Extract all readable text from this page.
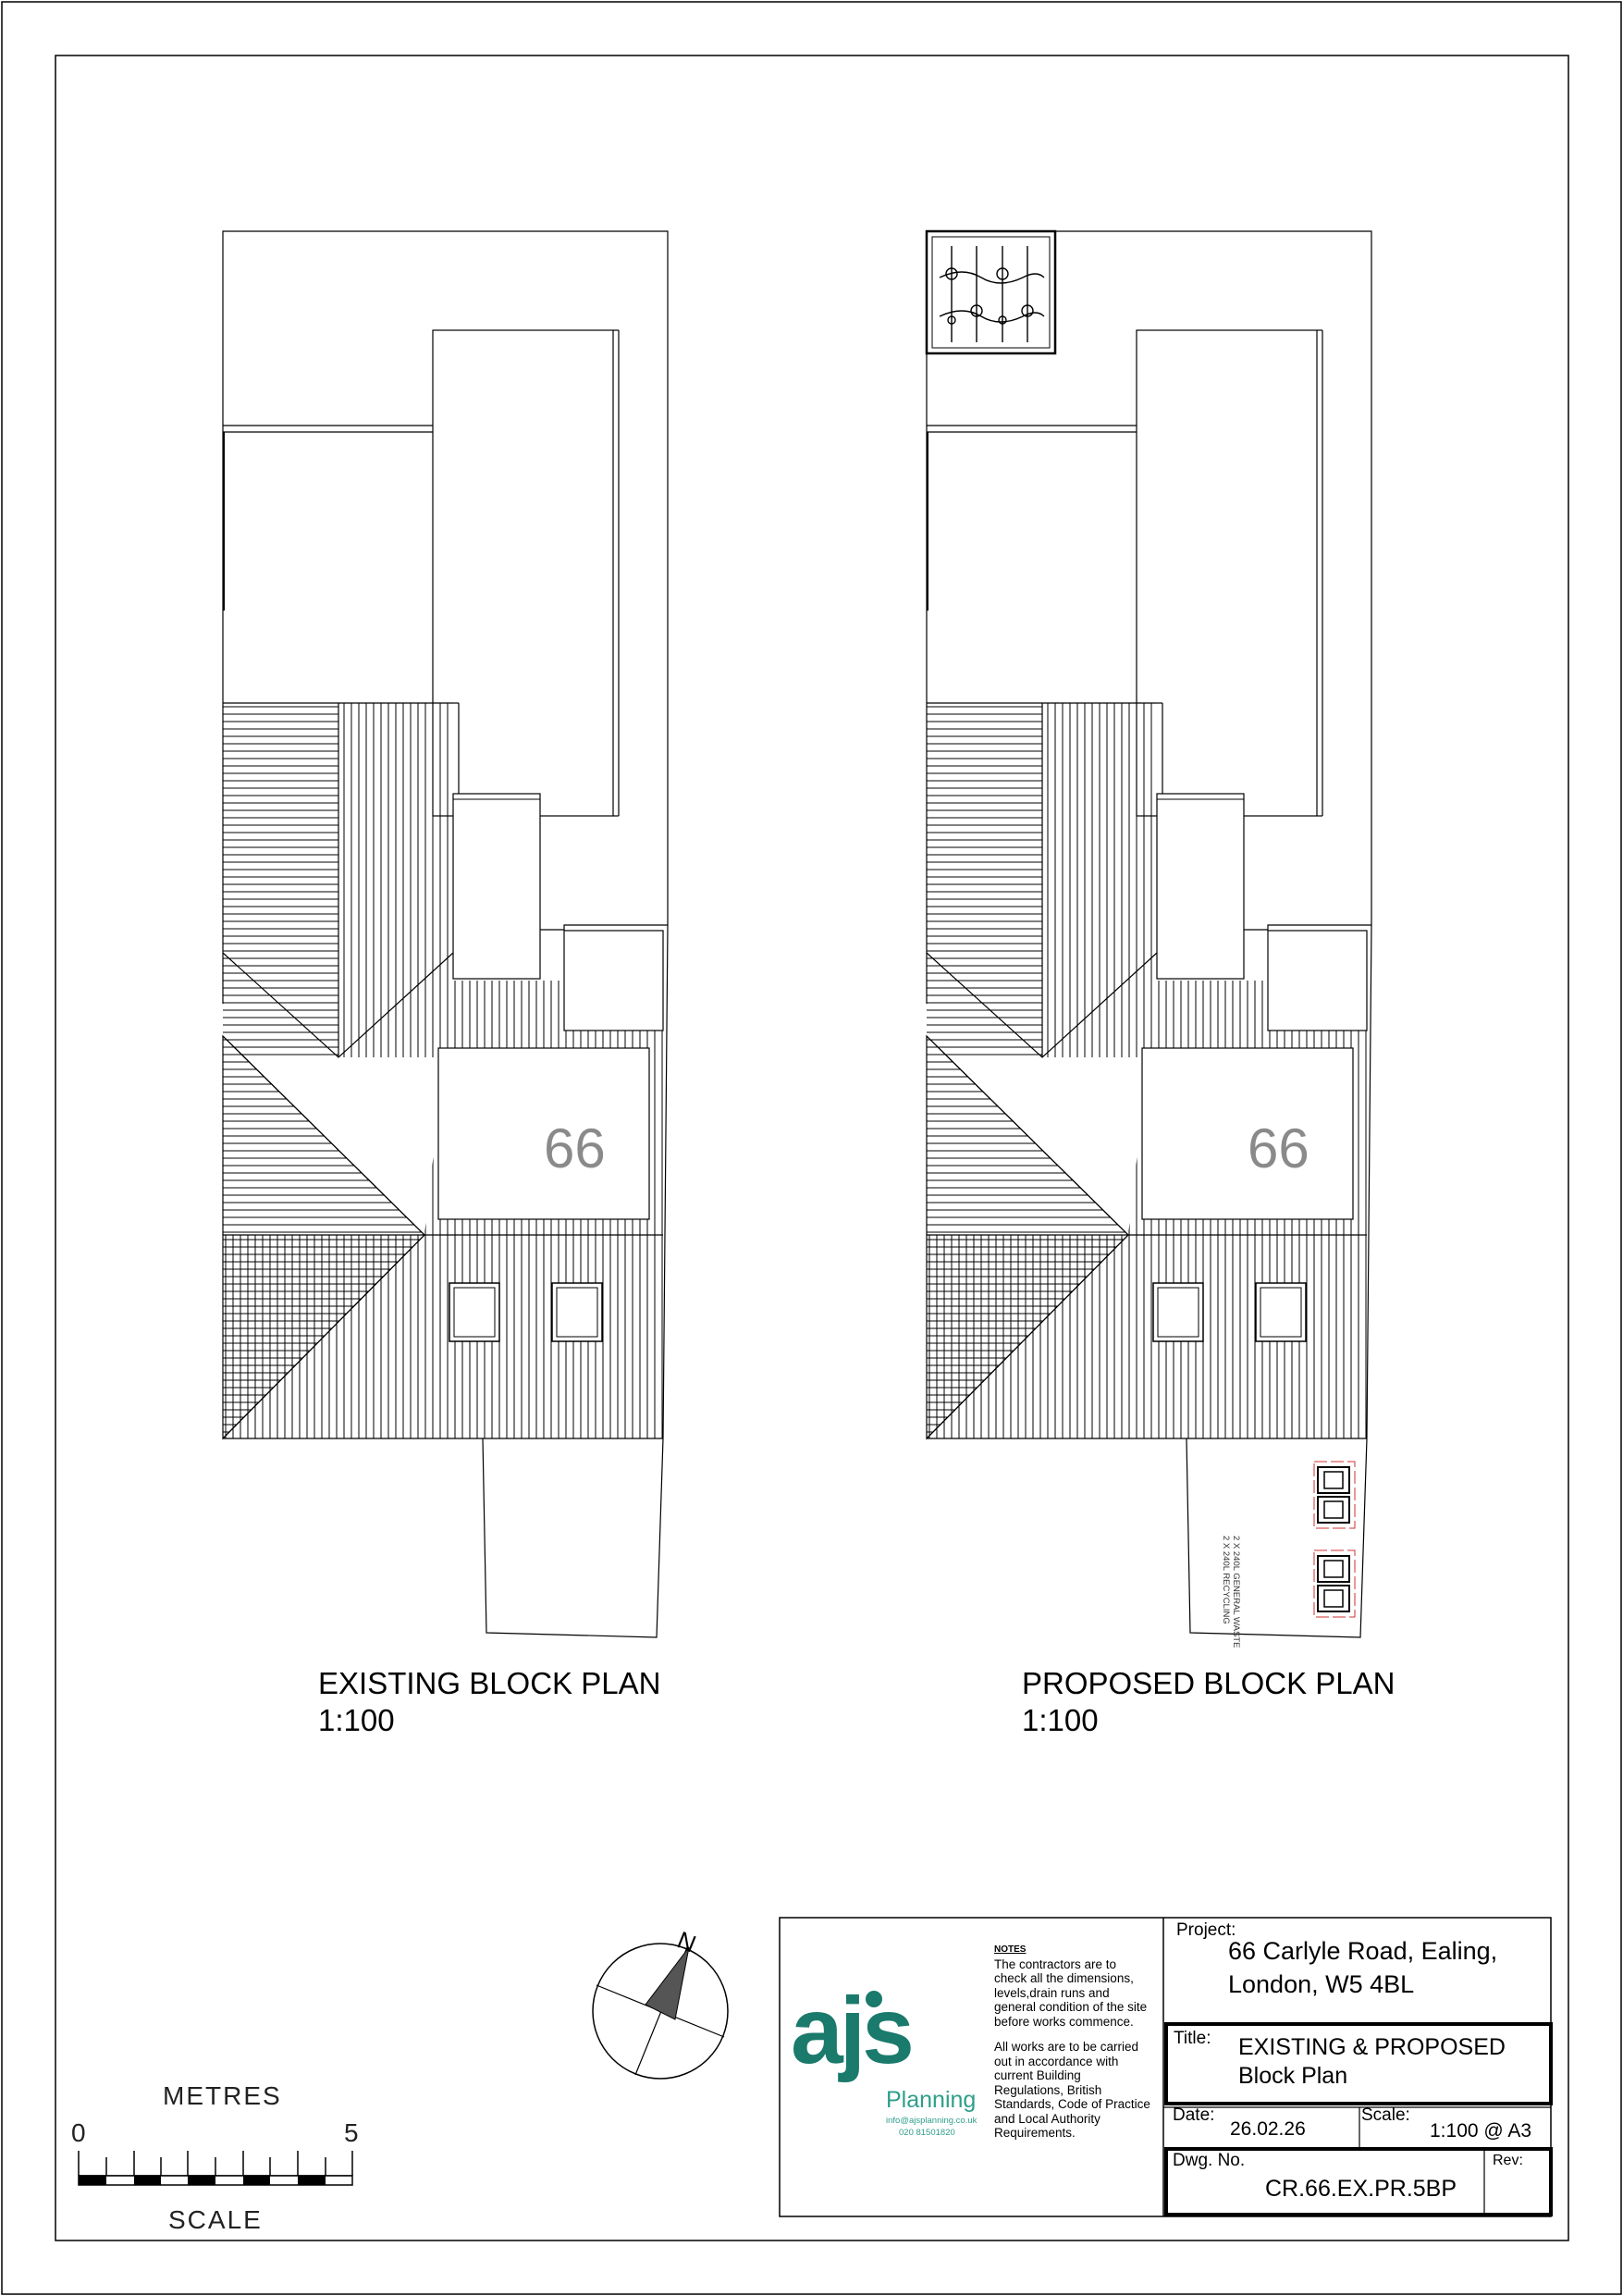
EXISTING BLOCK PLAN
1:100
PROPOSED BLOCK PLAN
1:100
66	66
2 X 240L GENERAL WASTE
2 X 240L RECYCLING
N
METRES
0	5
SCALE
ajs
Planning
info@ajsplanning.co.uk
020 81501820
NOTES

The contractors are to check all the dimensions, levels,drain runs and general condition of the site before works commence.

All works are to be carried out in accordance with current Building Regulations, British Standards, Code of Practice and Local Authority Requirements.

Project:
66 Carlyle Road, Ealing,
London, W5 4BL
Title: EXISTING & PROPOSED
Block Plan
Date:
26.02.26
Scale:
1:100 @ A3
Dwg. No.
CR.66.EX.PR.5BP
Rev:
